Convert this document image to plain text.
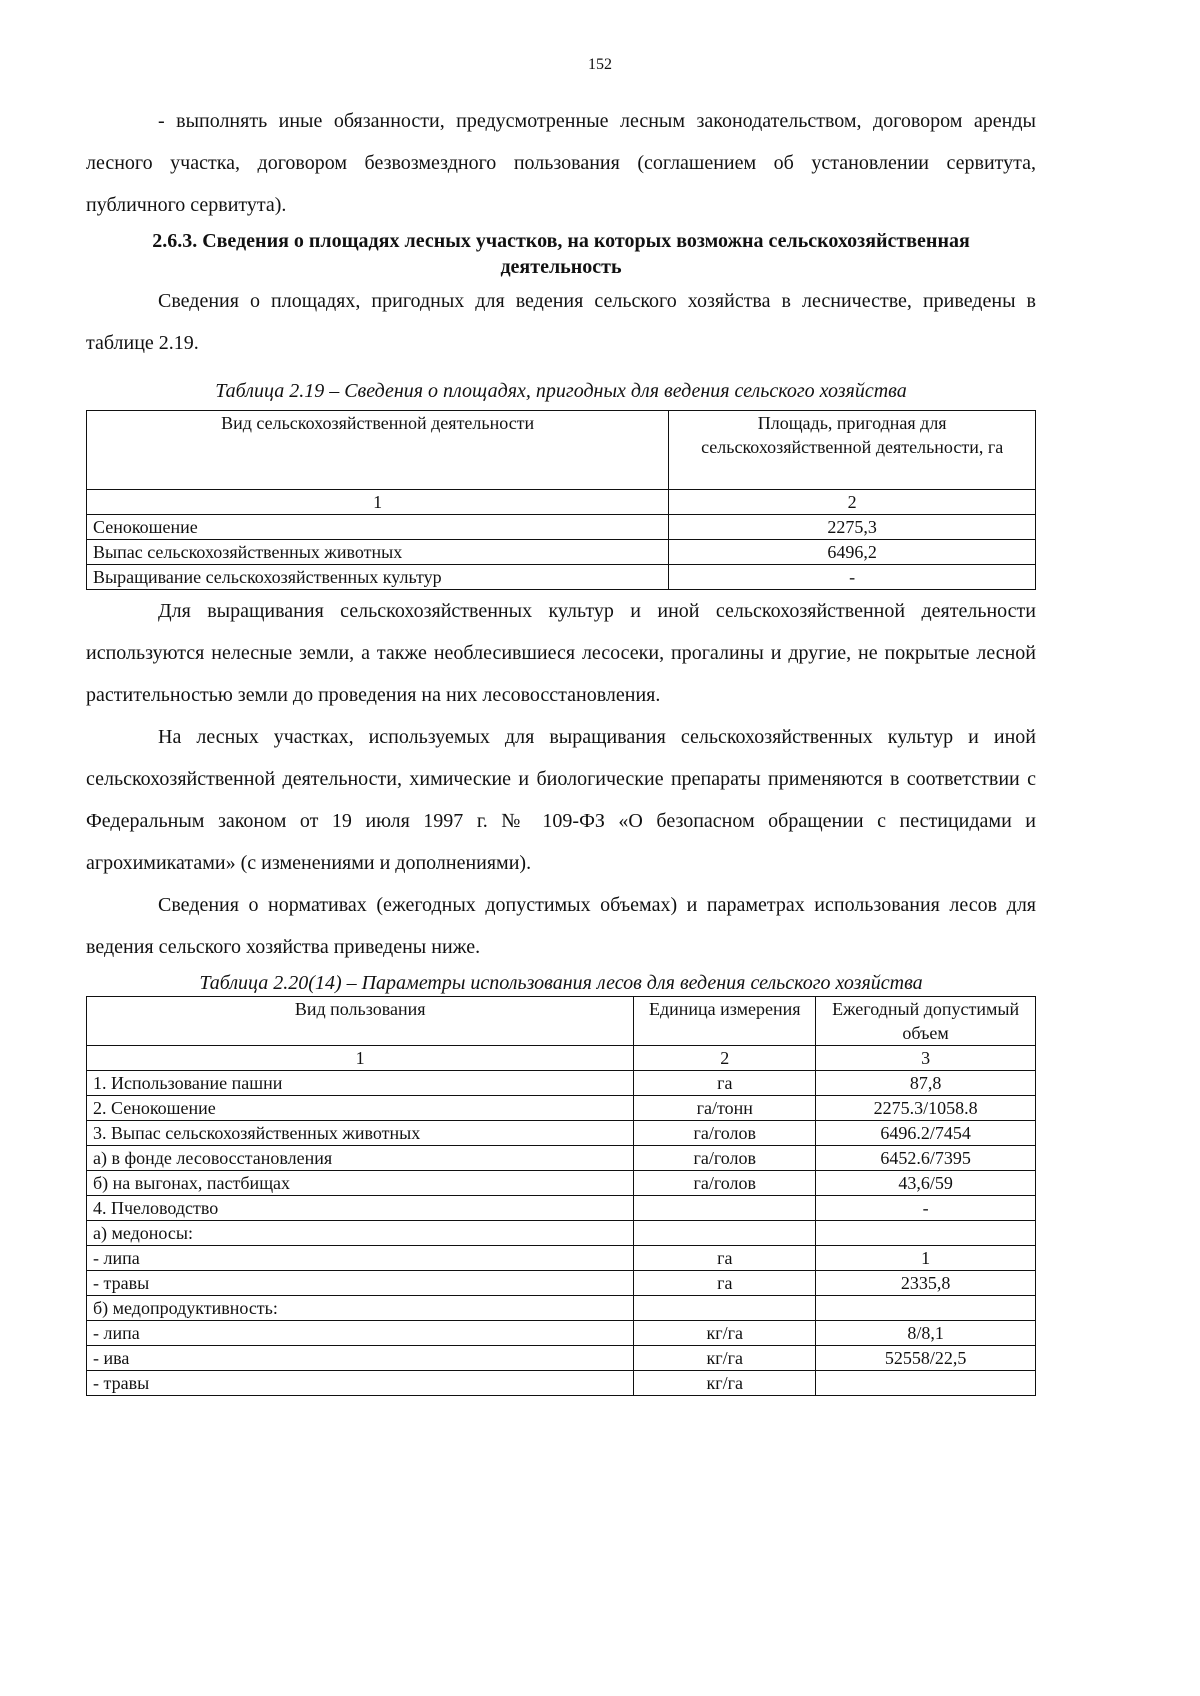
152

- выполнять иные обязанности, предусмотренные лесным законодательством, договором аренды лесного участка, договором безвозмездного пользования (соглашением об установлении сервитута, публичного сервитута).

2.6.3. Сведения о площадях лесных участков, на которых возможна сельскохозяйственная деятельность

Сведения о площадях, пригодных для ведения сельского хозяйства в лесничестве, приведены в таблице 2.19.

Таблица 2.19 – Сведения о площадях, пригодных для ведения сельского хозяйства
Вид сельскохозяйственной деятельности	Площадь, пригодная для сельскохозяйственной деятельности, га
1	2
Сенокошение	2275,3
Выпас сельскохозяйственных животных	6496,2
Выращивание сельскохозяйственных культур	-

Для выращивания сельскохозяйственных культур и иной сельскохозяйственной деятельности используются нелесные земли, а также необлесившиеся лесосеки, прогалины и другие, не покрытые лесной растительностью земли до проведения на них лесовосстановления.

На лесных участках, используемых для выращивания сельскохозяйственных культур и иной сельскохозяйственной деятельности, химические и биологические препараты применяются в соответствии с Федеральным законом от 19 июля 1997 г. № 109-ФЗ «О безопасном обращении с пестицидами и агрохимикатами» (с изменениями и дополнениями).

Сведения о нормативах (ежегодных допустимых объемах) и параметрах использования лесов для ведения сельского хозяйства приведены ниже.

Таблица 2.20(14) – Параметры использования лесов для ведения сельского хозяйства
Вид пользования	Единица измерения	Ежегодный допустимый объем
1	2	3
1. Использование пашни	га	87,8
2. Сенокошение	га/тонн	2275.3/1058.8
3. Выпас сельскохозяйственных животных	га/голов	6496.2/7454
а) в фонде лесовосстановления	га/голов	6452.6/7395
б) на выгонах, пастбищах	га/голов	43,6/59
4. Пчеловодство		-
а) медоносы:		
- липа	га	1
- травы	га	2335,8
б) медопродуктивность:		
- липа	кг/га	8/8,1
- ива	кг/га	52558/22,5
- травы	кг/га	
